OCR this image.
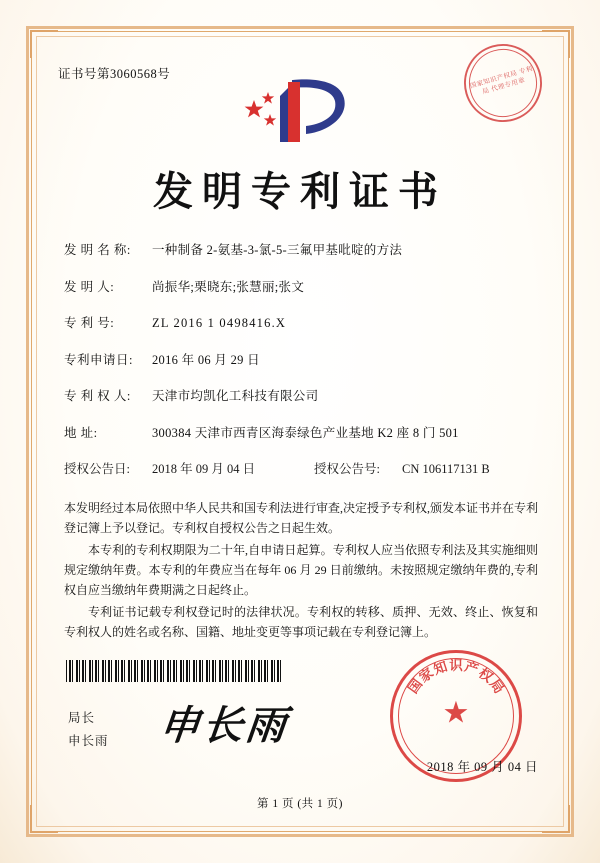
证书号第3060568号	国家知识产权局 专利局 代理专用章
发明专利证书
发 明 名 称:	一种制备 2-氨基-3-氯-5-三氟甲基吡啶的方法
发 明 人:	尚振华;栗晓东;张慧丽;张文
专 利 号:	ZL 2016 1 0498416.X
专利申请日:	2016 年 06 月 29 日
专 利 权 人:	天津市均凯化工科技有限公司
地 址:	300384 天津市西青区海泰绿色产业基地 K2 座 8 门 501
授权公告日:	2018 年 09 月 04 日	授权公告号:	CN 106117131 B

本发明经过本局依照中华人民共和国专利法进行审查,决定授予专利权,颁发本证书并在专利登记簿上予以登记。专利权自授权公告之日起生效。

本专利的专利权期限为二十年,自申请日起算。专利权人应当依照专利法及其实施细则规定缴纳年费。本专利的年费应当在每年 06 月 29 日前缴纳。未按照规定缴纳年费的,专利权自应当缴纳年费期满之日起终止。

专利证书记载专利权登记时的法律状况。专利权的转移、质押、无效、终止、恢复和专利权人的姓名或名称、国籍、地址变更等事项记载在专利登记簿上。

局长
申长雨 申长雨	★
国
家
知 识 产
权
局
2018 年 09 月 04 日
第 1 页 (共 1 页)
